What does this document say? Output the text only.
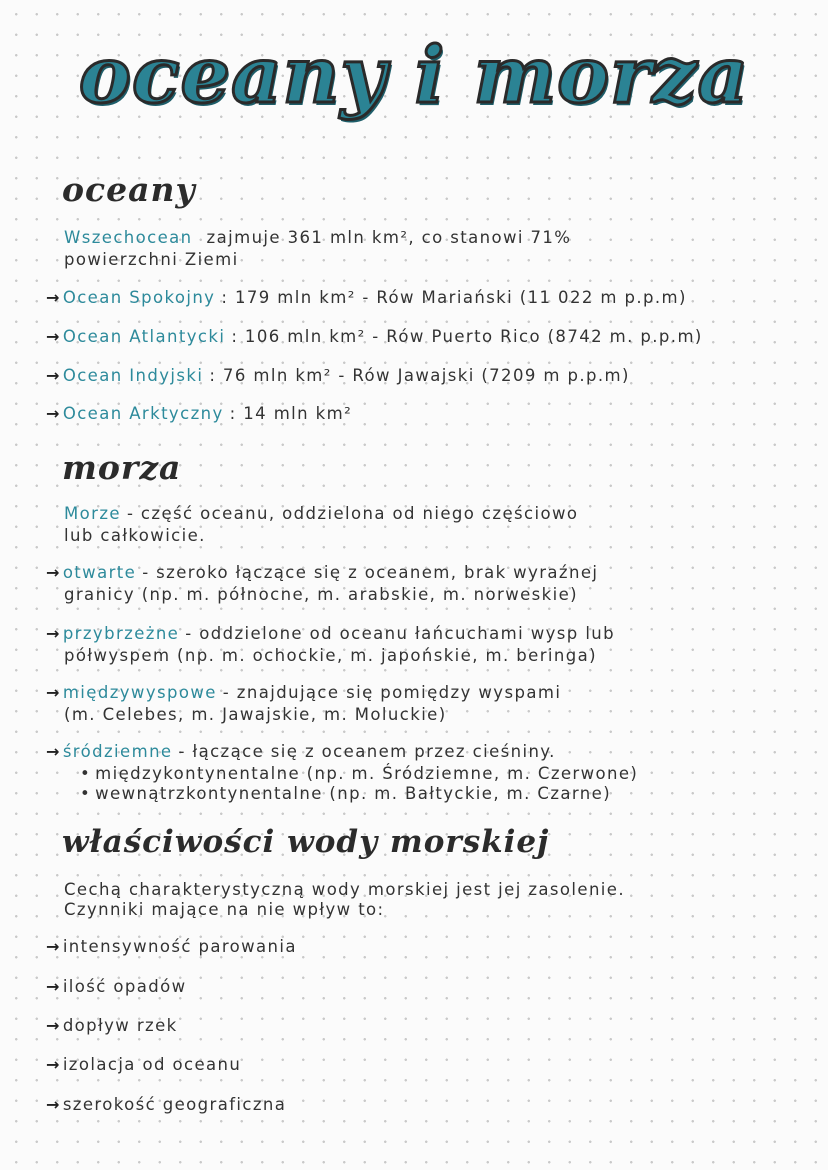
oceany i morza
oceany
Wszechocean zajmuje 361 mln km², co stanowi 71%
powierzchni Ziemi
→ Ocean Spokojny : 179 mln km² - Rów Mariański (11 022 m p.p.m)
→ Ocean Atlantycki : 106 mln km² - Rów Puerto Rico (8742 m. p.p.m)
→ Ocean Indyjski : 76 mln km² - Rów Jawajski (7209 m p.p.m)
→ Ocean Arktyczny : 14 mln km²
morza
Morze - część oceanu, oddzielona od niego częściowo
lub całkowicie.
→ otwarte - szeroko łączące się z oceanem, brak wyraźnej
granicy (np. m. północne, m. arabskie, m. norweskie)
→ przybrzeżne - oddzielone od oceanu łańcuchami wysp lub
półwyspem (np. m. ochockie, m. japońskie, m. beringa)
→ międzywyspowe - znajdujące się pomiędzy wyspami
(m. Celebes, m. Jawajskie, m. Moluckie)
→ śródziemne - łączące się z oceanem przez cieśniny.
• międzykontynentalne (np. m. Śródziemne, m. Czerwone)
• wewnątrzkontynentalne (np. m. Bałtyckie, m. Czarne)
właściwości wody morskiej
Cechą charakterystyczną wody morskiej jest jej zasolenie.
Czynniki mające na nie wpływ to:
→ intensywność parowania
→ ilość opadów
→ dopływ rzek
→ izolacja od oceanu
→ szerokość geograficzna
